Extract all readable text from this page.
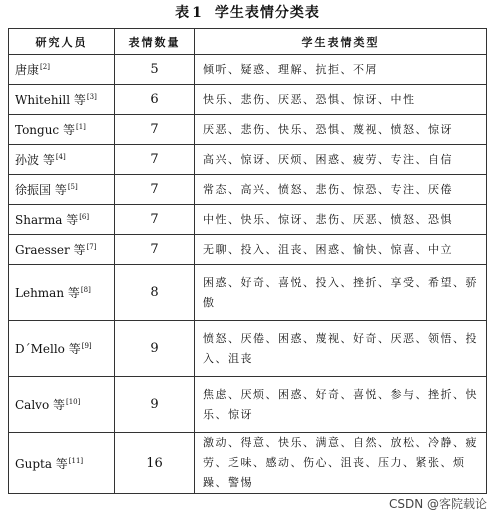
表 1 学生表情分类表
研究人员	表情数量	学生表情类型
唐康[2]	5	倾听、疑惑、理解、抗拒、不屑
Whitehill 等[3]	6	快乐、悲伤、厌恶、恐惧、惊讶、中性
Tonguc 等[1]	7	厌恶、悲伤、快乐、恐惧、蔑视、愤怒、惊讶
孙波 等[4]	7	高兴、惊讶、厌烦、困惑、疲劳、专注、自信
徐振国 等[5]	7	常态、高兴、愤怒、悲伤、惊恐、专注、厌倦
Sharma 等[6]	7	中性、快乐、惊讶、悲伤、厌恶、愤怒、恐惧
Graesser 等[7]	7	无聊、投入、沮丧、困惑、愉快、惊喜、中立
Lehman 等[8]	8	困惑、好奇、喜悦、投入、挫折、享受、希望、骄傲
D´Mello 等[9]	9	愤怒、厌倦、困惑、蔑视、好奇、厌恶、领悟、投入、沮丧
Calvo 等[10]	9	焦虑、厌烦、困惑、好奇、喜悦、参与、挫折、快乐、惊讶
Gupta 等[11]	16	激动、得意、快乐、满意、自然、放松、冷静、疲劳、乏味、感动、伤心、沮丧、压力、紧张、烦躁、警惕
CSDN @客院载论
